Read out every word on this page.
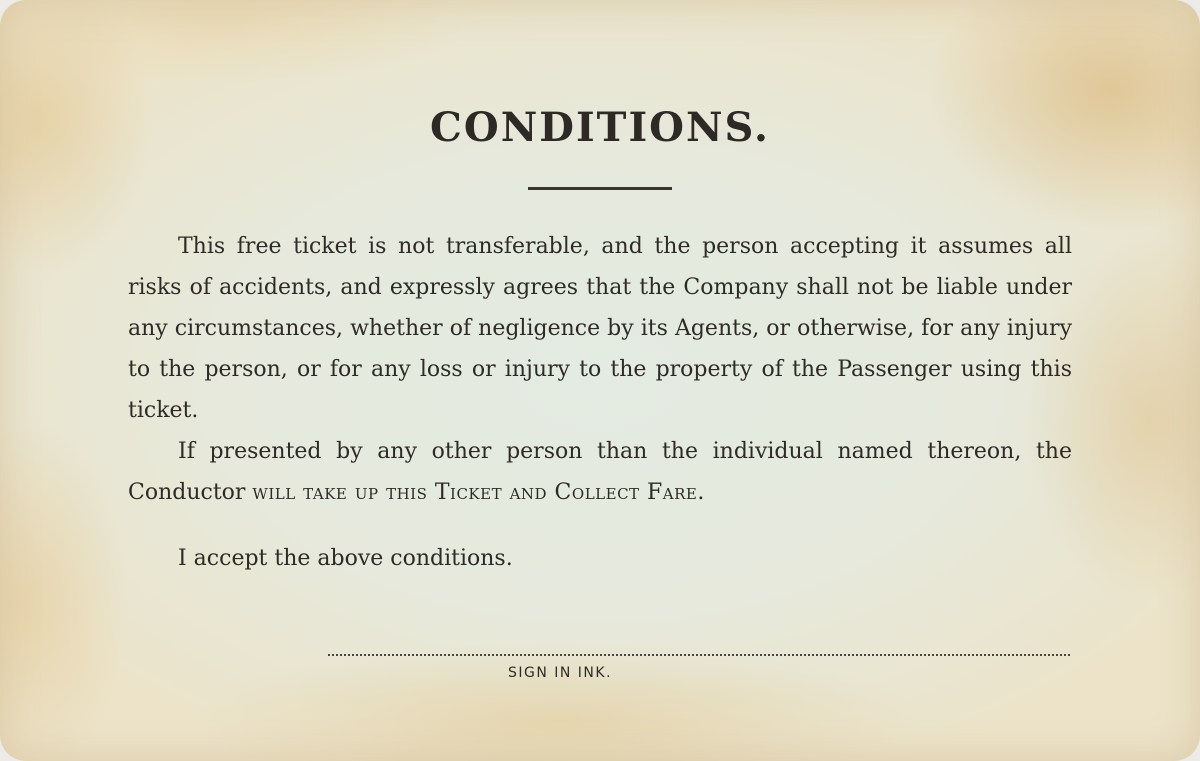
CONDITIONS.

This free ticket is not transferable, and the person accepting it assumes all risks of accidents, and expressly agrees that the Company shall not be liable under any circumstances, whether of negligence by its Agents, or otherwise, for any injury to the person, or for any loss or injury to the property of the Passenger using this ticket.

If presented by any other person than the individual named thereon, the Conductor will take up this Ticket and Collect Fare.

I accept the above conditions.
SIGN IN INK.
